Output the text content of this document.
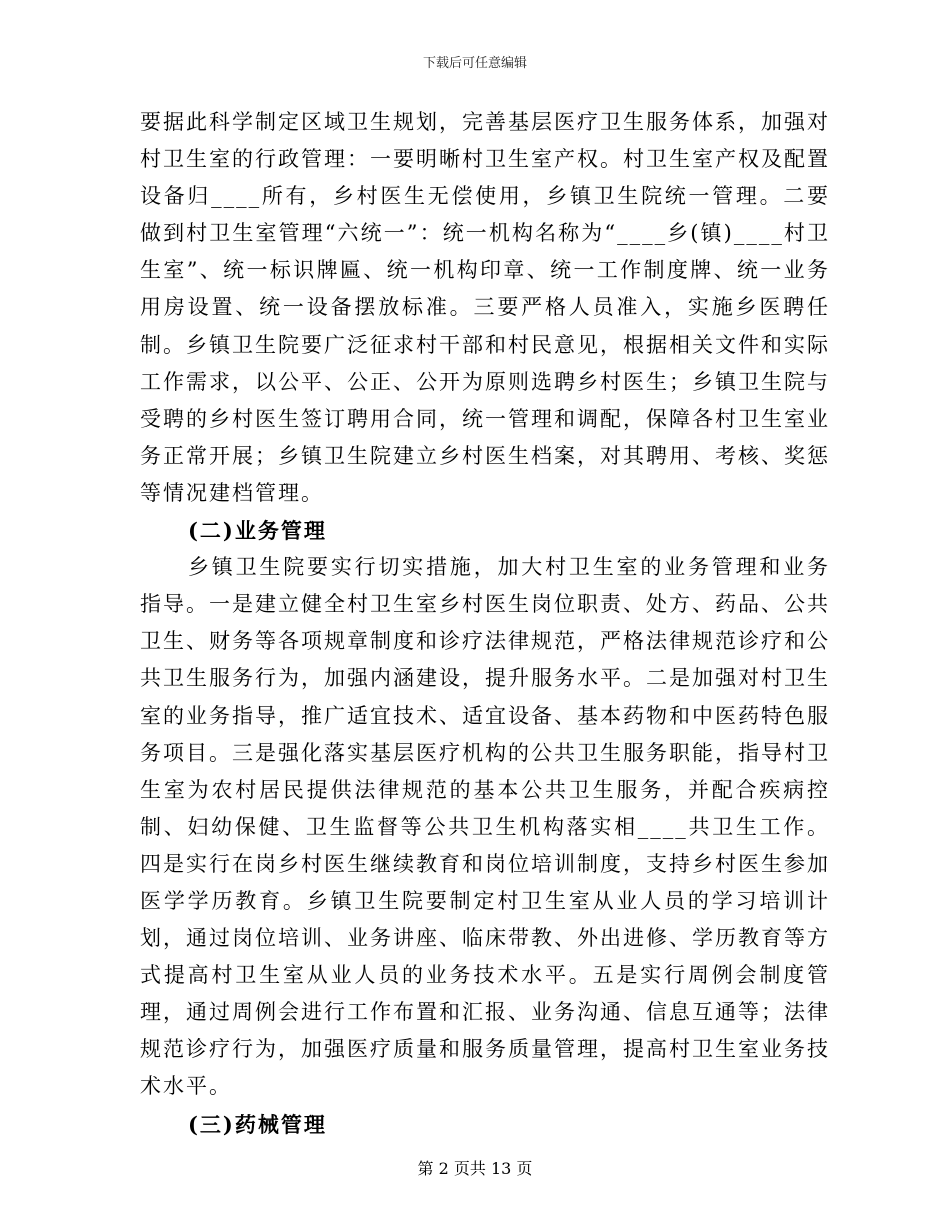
下载后可任意编辑

要据此科学制定区域卫生规划，完善基层医疗卫生服务体系，加强对村卫生室的行政管理：一要明晰村卫生室产权。村卫生室产权及配置设备归____所有，乡村医生无偿使用，乡镇卫生院统一管理。二要做到村卫生室管理“六统一”：统一机构名称为“____乡(镇)____村卫生室”、统一标识牌匾、统一机构印章、统一工作制度牌、统一业务用房设置、统一设备摆放标准。三要严格人员准入，实施乡医聘任制。乡镇卫生院要广泛征求村干部和村民意见，根据相关文件和实际工作需求，以公平、公正、公开为原则选聘乡村医生；乡镇卫生院与受聘的乡村医生签订聘用合同，统一管理和调配，保障各村卫生室业务正常开展；乡镇卫生院建立乡村医生档案，对其聘用、考核、奖惩等情况建档管理。

(二)业务管理

乡镇卫生院要实行切实措施，加大村卫生室的业务管理和业务指导。一是建立健全村卫生室乡村医生岗位职责、处方、药品、公共卫生、财务等各项规章制度和诊疗法律规范，严格法律规范诊疗和公共卫生服务行为，加强内涵建设，提升服务水平。二是加强对村卫生室的业务指导，推广适宜技术、适宜设备、基本药物和中医药特色服务项目。三是强化落实基层医疗机构的公共卫生服务职能，指导村卫生室为农村居民提供法律规范的基本公共卫生服务，并配合疾病控制、妇幼保健、卫生监督等公共卫生机构落实相____共卫生工作。四是实行在岗乡村医生继续教育和岗位培训制度，支持乡村医生参加医学学历教育。乡镇卫生院要制定村卫生室从业人员的学习培训计划，通过岗位培训、业务讲座、临床带教、外出进修、学历教育等方式提高村卫生室从业人员的业务技术水平。五是实行周例会制度管理，通过周例会进行工作布置和汇报、业务沟通、信息互通等；法律规范诊疗行为，加强医疗质量和服务质量管理，提高村卫生室业务技术水平。

(三)药械管理

第 2 页共 13 页
